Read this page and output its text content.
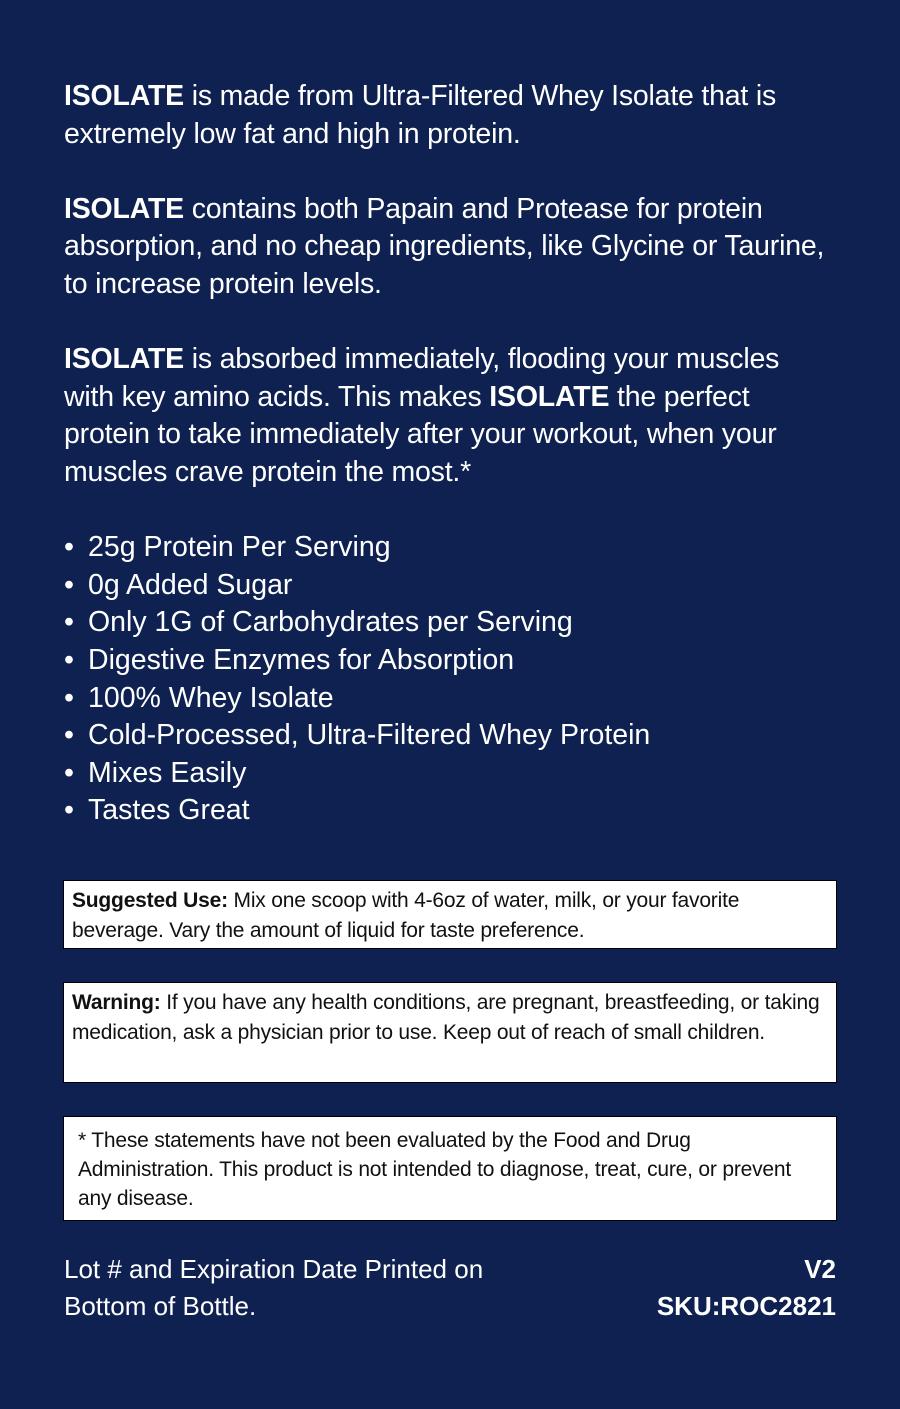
ISOLATE is made from Ultra-Filtered Whey Isolate that is extremely low fat and high in protein.

ISOLATE contains both Papain and Protease for protein absorption, and no cheap ingredients, like Glycine or Taurine, to increase protein levels.

ISOLATE is absorbed immediately, flooding your muscles with key amino acids. This makes ISOLATE the perfect protein to take immediately after your workout, when your muscles crave protein the most.*

• 25g Protein Per Serving
• 0g Added Sugar
• Only 1G of Carbohydrates per Serving
• Digestive Enzymes for Absorption
• 100% Whey Isolate
• Cold-Processed, Ultra-Filtered Whey Protein
• Mixes Easily
• Tastes Great
Suggested Use: Mix one scoop with 4-6oz of water, milk, or your favorite beverage. Vary the amount of liquid for taste preference.
Warning: If you have any health conditions, are pregnant, breastfeeding, or taking medication, ask a physician prior to use. Keep out of reach of small children.
* These statements have not been evaluated by the Food and Drug Administration. This product is not intended to diagnose, treat, cure, or prevent any disease.
Lot # and Expiration Date Printed on
Bottom of Bottle.
V2
SKU:ROC2821
